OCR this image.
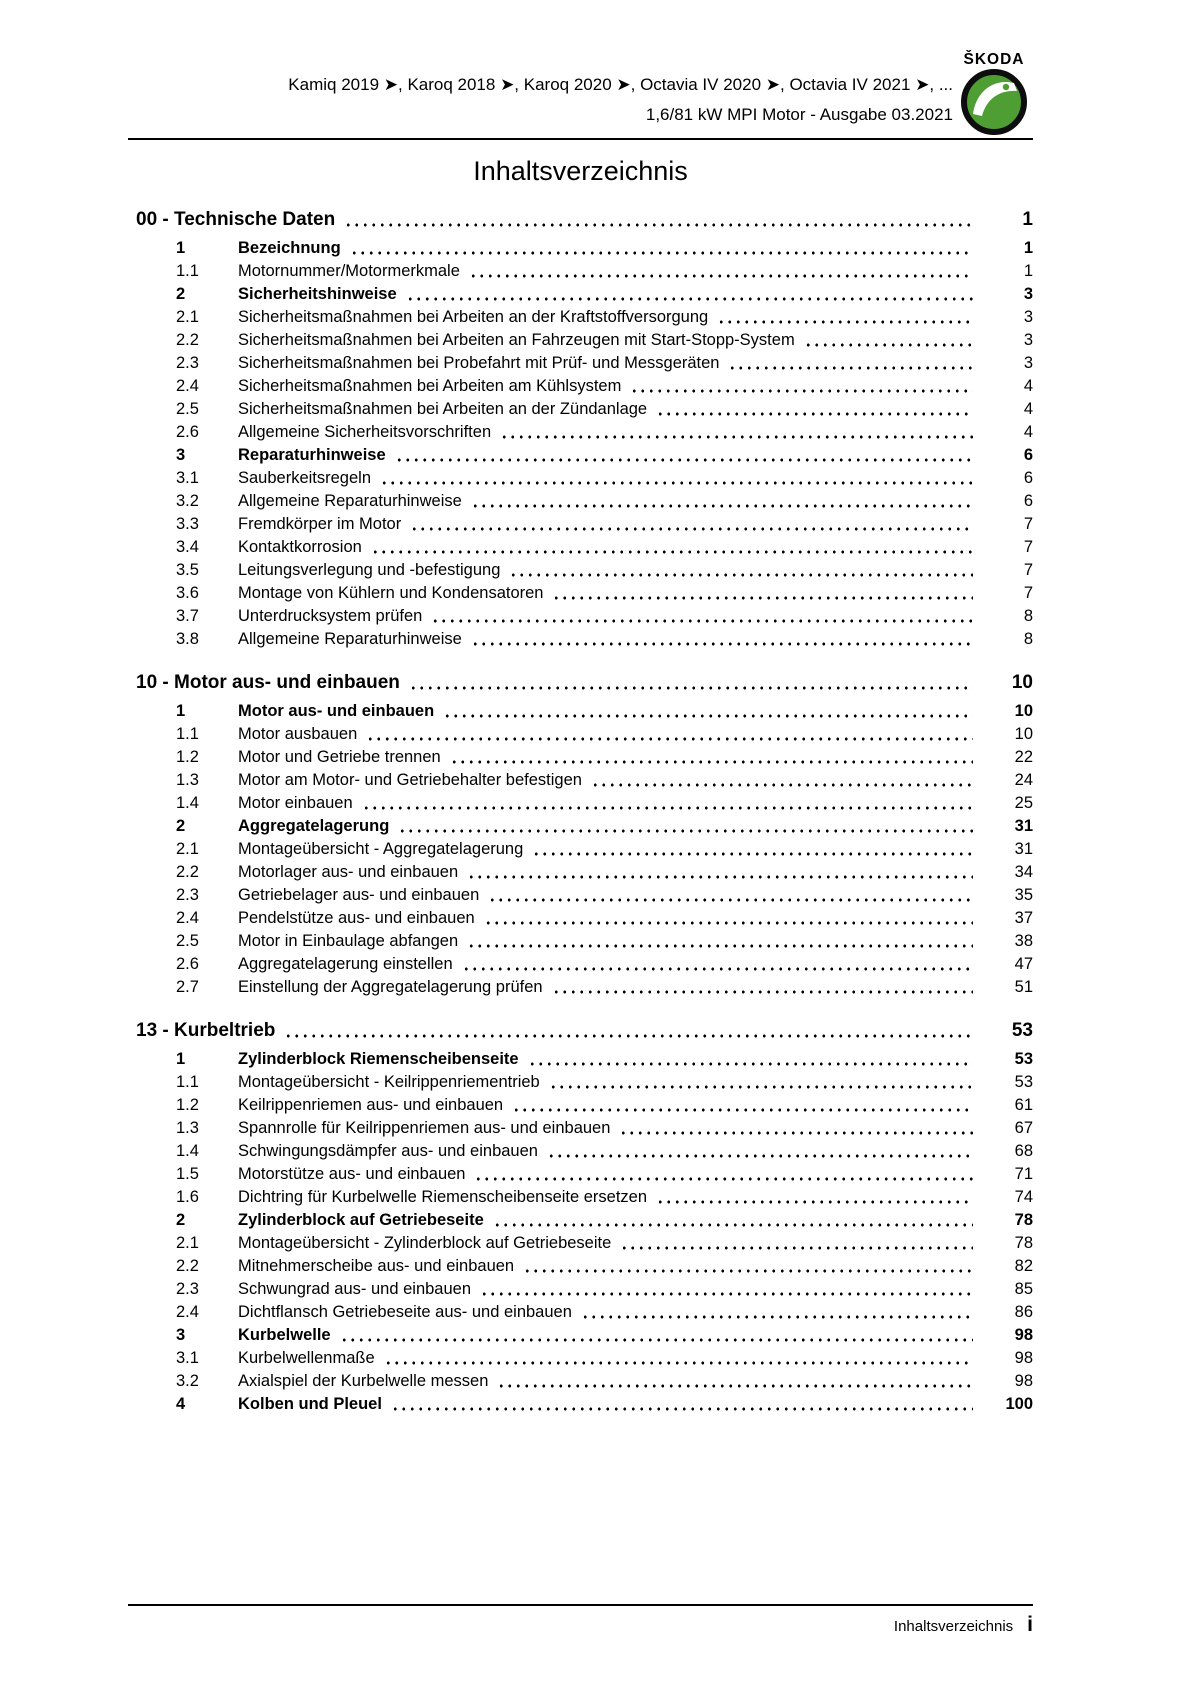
Kamiq 2019 ➤, Karoq 2018 ➤, Karoq 2020 ➤, Octavia IV 2020 ➤, Octavia IV 2021 ➤, ...
1,6/81 kW MPI Motor - Ausgabe 03.2021
ŠKODA
Inhaltsverzeichnis
00 - Technische Daten	1
1	Bezeichnung	1
1.1	Motornummer/Motormerkmale	1
2	Sicherheitshinweise	3
2.1	Sicherheitsmaßnahmen bei Arbeiten an der Kraftstoffversorgung	3
2.2	Sicherheitsmaßnahmen bei Arbeiten an Fahrzeugen mit Start-Stopp-System	3
2.3	Sicherheitsmaßnahmen bei Probefahrt mit Prüf- und Messgeräten	3
2.4	Sicherheitsmaßnahmen bei Arbeiten am Kühlsystem	4
2.5	Sicherheitsmaßnahmen bei Arbeiten an der Zündanlage	4
2.6	Allgemeine Sicherheitsvorschriften	4
3	Reparaturhinweise	6
3.1	Sauberkeitsregeln	6
3.2	Allgemeine Reparaturhinweise	6
3.3	Fremdkörper im Motor	7
3.4	Kontaktkorrosion	7
3.5	Leitungsverlegung und -befestigung	7
3.6	Montage von Kühlern und Kondensatoren	7
3.7	Unterdrucksystem prüfen	8
3.8	Allgemeine Reparaturhinweise	8
10 - Motor aus- und einbauen	10
1	Motor aus- und einbauen	10
1.1	Motor ausbauen	10
1.2	Motor und Getriebe trennen	22
1.3	Motor am Motor- und Getriebehalter befestigen	24
1.4	Motor einbauen	25
2	Aggregatelagerung	31
2.1	Montageübersicht - Aggregatelagerung	31
2.2	Motorlager aus- und einbauen	34
2.3	Getriebelager aus- und einbauen	35
2.4	Pendelstütze aus- und einbauen	37
2.5	Motor in Einbaulage abfangen	38
2.6	Aggregatelagerung einstellen	47
2.7	Einstellung der Aggregatelagerung prüfen	51
13 - Kurbeltrieb	53
1	Zylinderblock Riemenscheibenseite	53
1.1	Montageübersicht - Keilrippenriementrieb	53
1.2	Keilrippenriemen aus- und einbauen	61
1.3	Spannrolle für Keilrippenriemen aus- und einbauen	67
1.4	Schwingungsdämpfer aus- und einbauen	68
1.5	Motorstütze aus- und einbauen	71
1.6	Dichtring für Kurbelwelle Riemenscheibenseite ersetzen	74
2	Zylinderblock auf Getriebeseite	78
2.1	Montageübersicht - Zylinderblock auf Getriebeseite	78
2.2	Mitnehmerscheibe aus- und einbauen	82
2.3	Schwungrad aus- und einbauen	85
2.4	Dichtflansch Getriebeseite aus- und einbauen	86
3	Kurbelwelle	98
3.1	Kurbelwellenmaße	98
3.2	Axialspiel der Kurbelwelle messen	98
4	Kolben und Pleuel	100
Inhaltsverzeichnis i
